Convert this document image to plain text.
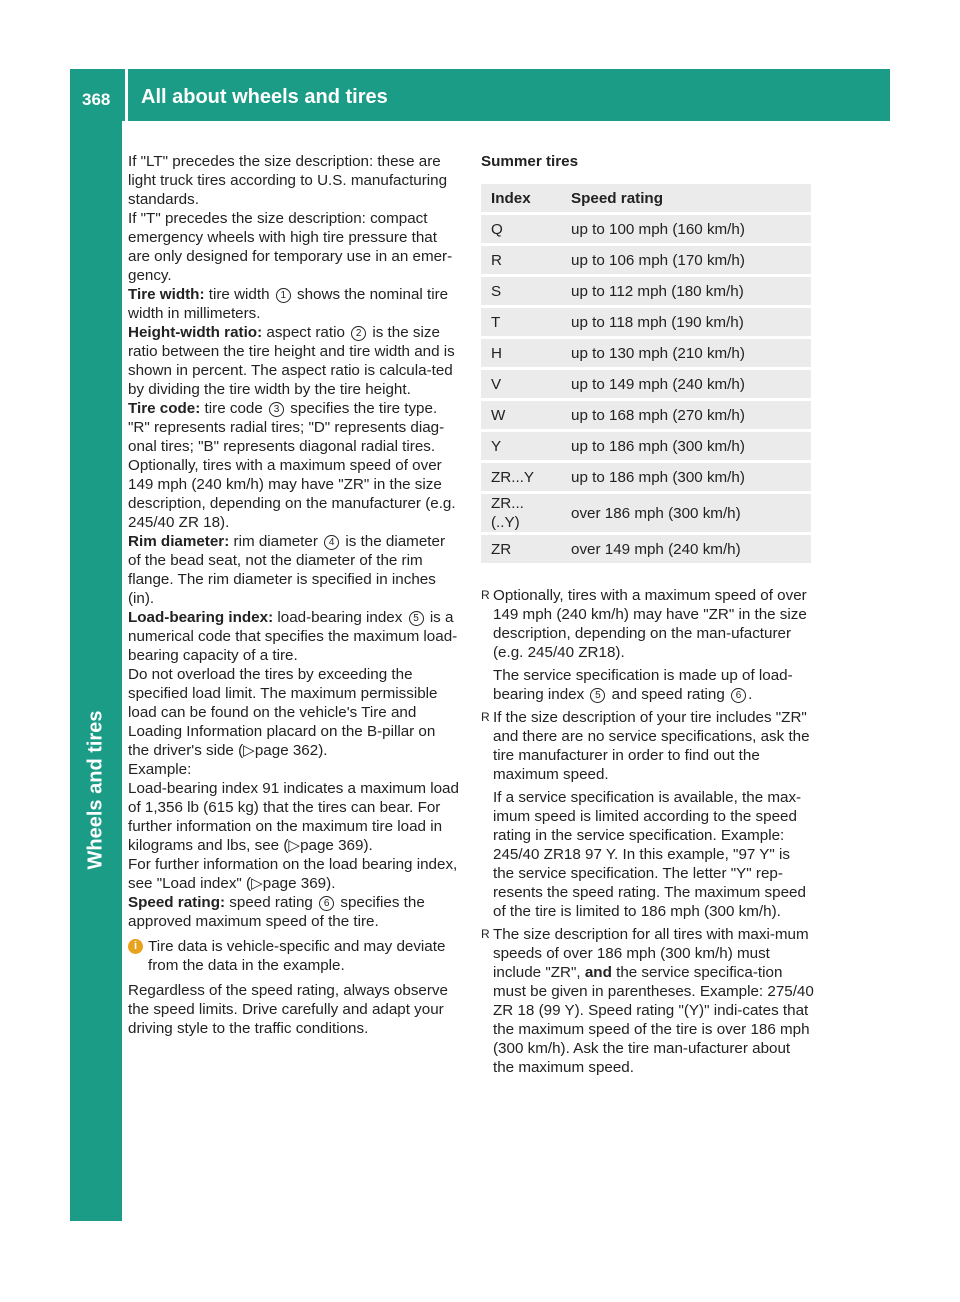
368 All about wheels and tires
Wheels and tires

If "LT" precedes the size description: these are light truck tires according to U.S. manufacturing standards.

If "T" precedes the size description: compact emergency wheels with high tire pressure that are only designed for temporary use in an emer-gency.

Tire width: tire width 1 shows the nominal tire width in millimeters.

Height-width ratio: aspect ratio 2 is the size ratio between the tire height and tire width and is shown in percent. The aspect ratio is calcula-ted by dividing the tire width by the tire height.

Tire code: tire code 3 specifies the tire type.

"R" represents radial tires; "D" represents diag-onal tires; "B" represents diagonal radial tires.

Optionally, tires with a maximum speed of over 149 mph (240 km/h) may have "ZR" in the size description, depending on the manufacturer (e.g. 245/40 ZR 18).

Rim diameter: rim diameter 4 is the diameter of the bead seat, not the diameter of the rim flange. The rim diameter is specified in inches (in).

Load-bearing index: load-bearing index 5 is a numerical code that specifies the maximum load-bearing capacity of a tire.

Do not overload the tires by exceeding the specified load limit. The maximum permissible load can be found on the vehicle's Tire and Loading Information placard on the B-pillar on the driver's side (▷page 362).

Example:

Load-bearing index 91 indicates a maximum load of 1,356 lb (615 kg) that the tires can bear. For further information on the maximum tire load in kilograms and lbs, see (▷page 369).

For further information on the load bearing index, see "Load index" (▷page 369).

Speed rating: speed rating 6 specifies the approved maximum speed of the tire.

i Tire data is vehicle-specific and may deviate from the data in the example.

Regardless of the speed rating, always observe the speed limits. Drive carefully and adapt your driving style to the traffic conditions.

Summer tires
Index	Speed rating
Q	up to 100 mph (160 km/h)
R	up to 106 mph (170 km/h)
S	up to 112 mph (180 km/h)
T	up to 118 mph (190 km/h)
H	up to 130 mph (210 km/h)
V	up to 149 mph (240 km/h)
W	up to 168 mph (270 km/h)
Y	up to 186 mph (300 km/h)
ZR...Y	up to 186 mph (300 km/h)
ZR...(..Y)	over 186 mph (300 km/h)
ZR	over 149 mph (240 km/h)
R Optionally, tires with a maximum speed of over 149 mph (240 km/h) may have "ZR" in the size description, depending on the man-ufacturer (e.g. 245/40 ZR18).

The service specification is made up of load-bearing index 5 and speed rating 6 .

R If the size description of your tire includes "ZR" and there are no service specifications, ask the tire manufacturer in order to find out the maximum speed.

If a service specification is available, the max-imum speed is limited according to the speed rating in the service specification. Example: 245/40 ZR18 97 Y. In this example, "97 Y" is the service specification. The letter "Y" rep-resents the speed rating. The maximum speed of the tire is limited to 186 mph (300 km/h).

R The size description for all tires with maxi-mum speeds of over 186 mph (300 km/h) must include "ZR", and the service specifica-tion must be given in parentheses. Example: 275/40 ZR 18 (99 Y). Speed rating "(Y)" indi-cates that the maximum speed of the tire is over 186 mph (300 km/h). Ask the tire man-ufacturer about the maximum speed.
